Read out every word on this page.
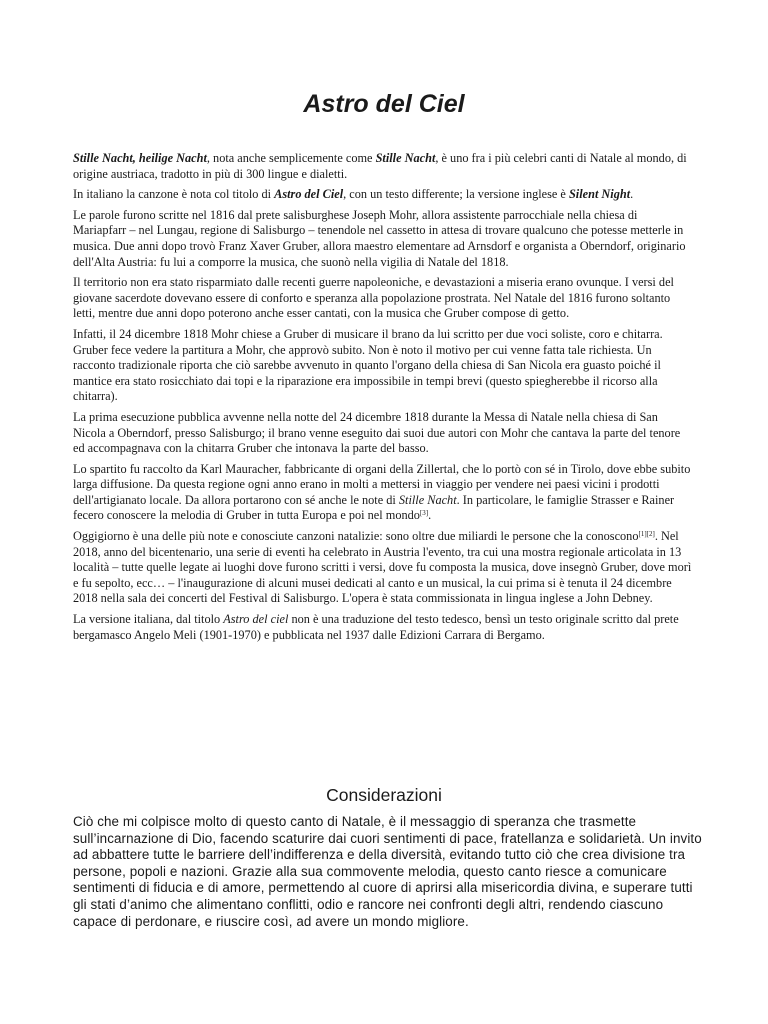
Astro del Ciel

Stille Nacht, heilige Nacht, nota anche semplicemente come Stille Nacht, è uno fra i più celebri canti di Natale al mondo, di origine austriaca, tradotto in più di 300 lingue e dialetti.

In italiano la canzone è nota col titolo di Astro del Ciel, con un testo differente; la versione inglese è Silent Night.

Le parole furono scritte nel 1816 dal prete salisburghese Joseph Mohr, allora assistente parrocchiale nella chiesa di Mariapfarr – nel Lungau, regione di Salisburgo – tenendole nel cassetto in attesa di trovare qualcuno che potesse metterle in musica. Due anni dopo trovò Franz Xaver Gruber, allora maestro elementare ad Arnsdorf e organista a Oberndorf, originario dell'Alta Austria: fu lui a comporre la musica, che suonò nella vigilia di Natale del 1818.

Il territorio non era stato risparmiato dalle recenti guerre napoleoniche, e devastazioni a miseria erano ovunque. I versi del giovane sacerdote dovevano essere di conforto e speranza alla popolazione prostrata. Nel Natale del 1816 furono soltanto letti, mentre due anni dopo poterono anche esser cantati, con la musica che Gruber compose di getto.

Infatti, il 24 dicembre 1818 Mohr chiese a Gruber di musicare il brano da lui scritto per due voci soliste, coro e chitarra. Gruber fece vedere la partitura a Mohr, che approvò subito. Non è noto il motivo per cui venne fatta tale richiesta. Un racconto tradizionale riporta che ciò sarebbe avvenuto in quanto l'organo della chiesa di San Nicola era guasto poiché il mantice era stato rosicchiato dai topi e la riparazione era impossibile in tempi brevi (questo spiegherebbe il ricorso alla chitarra).

La prima esecuzione pubblica avvenne nella notte del 24 dicembre 1818 durante la Messa di Natale nella chiesa di San Nicola a Oberndorf, presso Salisburgo; il brano venne eseguito dai suoi due autori con Mohr che cantava la parte del tenore ed accompagnava con la chitarra Gruber che intonava la parte del basso.

Lo spartito fu raccolto da Karl Mauracher, fabbricante di organi della Zillertal, che lo portò con sé in Tirolo, dove ebbe subito larga diffusione. Da questa regione ogni anno erano in molti a mettersi in viaggio per vendere nei paesi vicini i prodotti dell'artigianato locale. Da allora portarono con sé anche le note di Stille Nacht. In particolare, le famiglie Strasser e Rainer fecero conoscere la melodia di Gruber in tutta Europa e poi nel mondo[3].

Oggigiorno è una delle più note e conosciute canzoni natalizie: sono oltre due miliardi le persone che la conoscono[1][2]. Nel 2018, anno del bicentenario, una serie di eventi ha celebrato in Austria l'evento, tra cui una mostra regionale articolata in 13 località – tutte quelle legate ai luoghi dove furono scritti i versi, dove fu composta la musica, dove insegnò Gruber, dove morì e fu sepolto, ecc… – l'inaugurazione di alcuni musei dedicati al canto e un musical, la cui prima si è tenuta il 24 dicembre 2018 nella sala dei concerti del Festival di Salisburgo. L'opera è stata commissionata in lingua inglese a John Debney.

La versione italiana, dal titolo Astro del ciel non è una traduzione del testo tedesco, bensì un testo originale scritto dal prete bergamasco Angelo Meli (1901-1970) e pubblicata nel 1937 dalle Edizioni Carrara di Bergamo.

Considerazioni

Ciò che mi colpisce molto di questo canto di Natale, è il messaggio di speranza che trasmette sull’incarnazione di Dio, facendo scaturire dai cuori sentimenti di pace, fratellanza e solidarietà. Un invito ad abbattere tutte le barriere dell’indifferenza e della diversità, evitando tutto ciò che crea divisione tra persone, popoli e nazioni. Grazie alla sua commovente melodia, questo canto riesce a comunicare sentimenti di fiducia e di amore, permettendo al cuore di aprirsi alla misericordia divina, e superare tutti gli stati d’animo che alimentano conflitti, odio e rancore nei confronti degli altri, rendendo ciascuno capace di perdonare, e riuscire così, ad avere un mondo migliore.
